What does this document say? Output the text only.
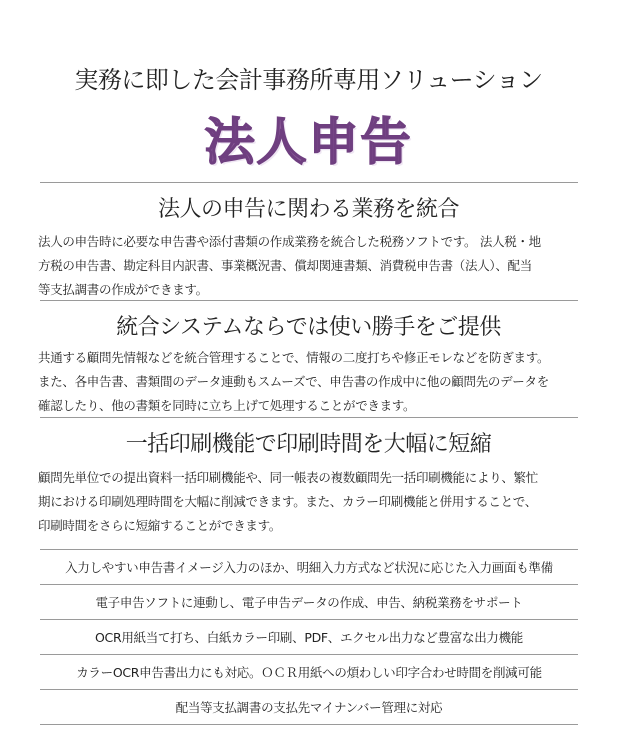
実務に即した会計事務所専用ソリューション
法人申告
法人の申告に関わる業務を統合
法人の申告時に必要な申告書や添付書類の作成業務を統合した税務ソフトです。 法人税・地
方税の申告書、勘定科目内訳書、事業概況書、償却関連書類、消費税申告書（法人）、配当
等支払調書の作成ができます。
統合システムならでは使い勝手をご提供
共通する顧問先情報などを統合管理することで、情報の二度打ちや修正モレなどを防ぎます。
また、各申告書、書類間のデータ連動もスムーズで、申告書の作成中に他の顧問先のデータを
確認したり、他の書類を同時に立ち上げて処理することができます。
一括印刷機能で印刷時間を大幅に短縮
顧問先単位での提出資料一括印刷機能や、同一帳表の複数顧問先一括印刷機能により、繁忙
期における印刷処理時間を大幅に削減できます。また、カラー印刷機能と併用することで、
印刷時間をさらに短縮することができます。
入力しやすい申告書イメージ入力のほか、明細入力方式など状況に応じた入力画面も準備
電子申告ソフトに連動し、電子申告データの作成、申告、納税業務をサポート
OCR用紙当て打ち、白紙カラー印刷、PDF、エクセル出力など豊富な出力機能
カラーOCR申告書出力にも対応。ＯＣＲ用紙への煩わしい印字合わせ時間を削減可能
配当等支払調書の支払先マイナンバー管理に対応
